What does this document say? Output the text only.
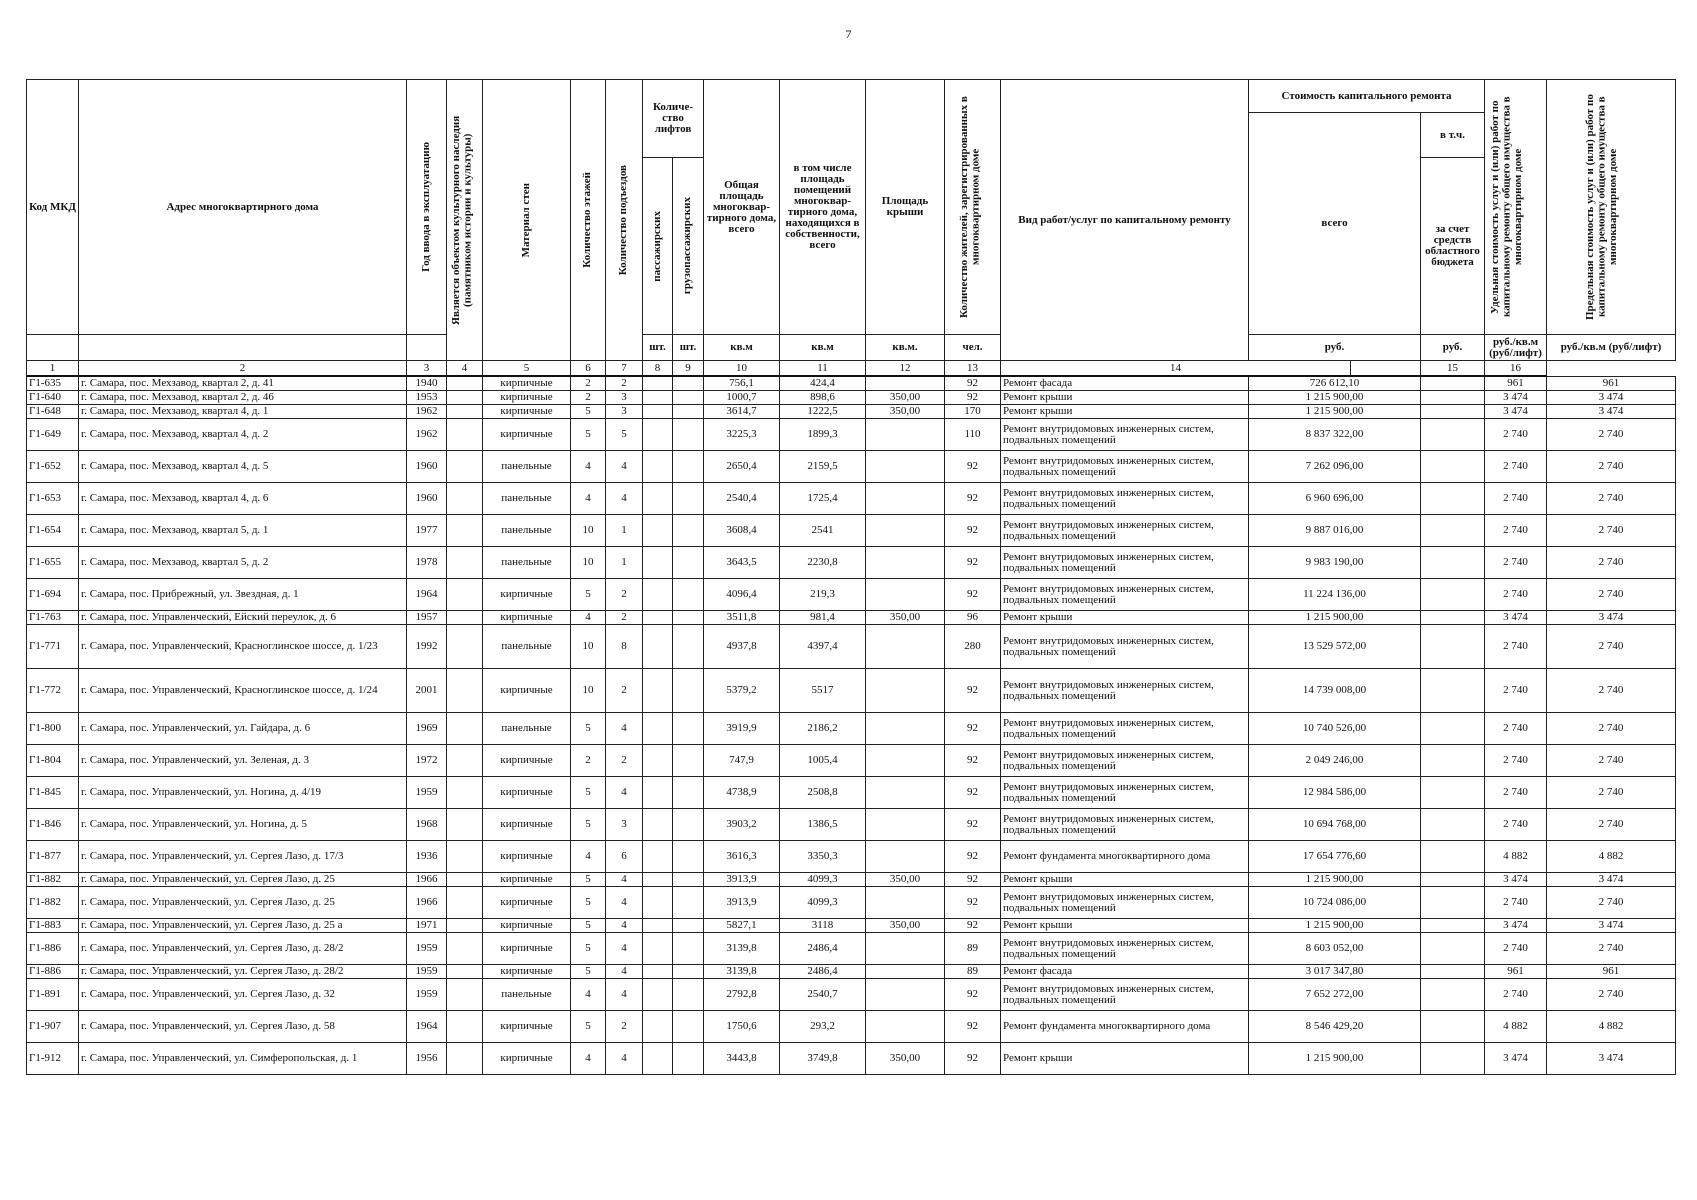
7
Код МКД	Адрес многоквартирного дома	Год ввода в эксплуатацию	Является объектом культурного наследия (памятником истории и культуры)	Материал стен	Количество этажей	Количество подъездов	Количе-ство лифтов		Общая площадь многоквар-тирного дома, всего	в том числе площадь помещений многоквар-тирного дома, находящихся в собственности, всего	Площадь крыши	Количество жителей, зарегистрированных в многоквартирном доме	Вид работ/услуг по капитальному ремонту	Стоимость капитального ремонта			Удельная стоимость услуг и (или) работ по капитальному ремонту общего имущества в многоквартирном доме	Предельная стоимость услуг и (или) работ по капитальному ремонту общего имущества в многоквартирном доме

														всего		в т.ч.		

							пассажирских	грузопассажирских								за счет средств областного бюджета		
							шт.	шт.	кв.м	кв.м	кв.м.	чел.		руб.		руб.	руб./кв.м (руб/лифт)	руб./кв.м (руб/лифт)
1	2	3	4	5	6	7	8	9	10	11	12	13	14			15	16	
Г1-635	г. Самара, пос. Мехзавод, квартал 2, д. 41	1940		кирпичные	2	2			756,1	424,4		92	Ремонт фасада	726 612,10			961	961
Г1-640	г. Самара, пос. Мехзавод, квартал 2, д. 46	1953		кирпичные	2	3			1000,7	898,6	350,00	92	Ремонт крыши	1 215 900,00			3 474	3 474
Г1-648	г. Самара, пос. Мехзавод, квартал 4, д. 1	1962		кирпичные	5	3			3614,7	1222,5	350,00	170	Ремонт крыши	1 215 900,00			3 474	3 474
Г1-649	г. Самара, пос. Мехзавод, квартал 4, д. 2	1962		кирпичные	5	5			3225,3	1899,3		110	Ремонт внутридомовых инженерных систем, подвальных помещений	8 837 322,00			2 740	2 740
Г1-652	г. Самара, пос. Мехзавод, квартал 4, д. 5	1960		панельные	4	4			2650,4	2159,5		92	Ремонт внутридомовых инженерных систем, подвальных помещений	7 262 096,00			2 740	2 740
Г1-653	г. Самара, пос. Мехзавод, квартал 4, д. 6	1960		панельные	4	4			2540,4	1725,4		92	Ремонт внутридомовых инженерных систем, подвальных помещений	6 960 696,00			2 740	2 740
Г1-654	г. Самара, пос. Мехзавод, квартал 5, д. 1	1977		панельные	10	1			3608,4	2541		92	Ремонт внутридомовых инженерных систем, подвальных помещений	9 887 016,00			2 740	2 740
Г1-655	г. Самара, пос. Мехзавод, квартал 5, д. 2	1978		панельные	10	1			3643,5	2230,8		92	Ремонт внутридомовых инженерных систем, подвальных помещений	9 983 190,00			2 740	2 740
Г1-694	г. Самара, пос. Прибрежный, ул. Звездная, д. 1	1964		кирпичные	5	2			4096,4	219,3		92	Ремонт внутридомовых инженерных систем, подвальных помещений	11 224 136,00			2 740	2 740
Г1-763	г. Самара, пос. Управленческий, Ейский переулок, д. 6	1957		кирпичные	4	2			3511,8	981,4	350,00	96	Ремонт крыши	1 215 900,00			3 474	3 474
Г1-771	г. Самара, пос. Управленческий, Красноглинское шоссе, д. 1/23	1992		панельные	10	8			4937,8	4397,4		280	Ремонт внутридомовых инженерных систем, подвальных помещений	13 529 572,00			2 740	2 740
Г1-772	г. Самара, пос. Управленческий, Красноглинское шоссе, д. 1/24	2001		кирпичные	10	2			5379,2	5517		92	Ремонт внутридомовых инженерных систем, подвальных помещений	14 739 008,00			2 740	2 740
Г1-800	г. Самара, пос. Управленческий, ул. Гайдара, д. 6	1969		панельные	5	4			3919,9	2186,2		92	Ремонт внутридомовых инженерных систем, подвальных помещений	10 740 526,00			2 740	2 740
Г1-804	г. Самара, пос. Управленческий, ул. Зеленая, д. 3	1972		кирпичные	2	2			747,9	1005,4		92	Ремонт внутридомовых инженерных систем, подвальных помещений	2 049 246,00			2 740	2 740
Г1-845	г. Самара, пос. Управленческий, ул. Ногина, д. 4/19	1959		кирпичные	5	4			4738,9	2508,8		92	Ремонт внутридомовых инженерных систем, подвальных помещений	12 984 586,00			2 740	2 740
Г1-846	г. Самара, пос. Управленческий, ул. Ногина, д. 5	1968		кирпичные	5	3			3903,2	1386,5		92	Ремонт внутридомовых инженерных систем, подвальных помещений	10 694 768,00			2 740	2 740
Г1-877	г. Самара, пос. Управленческий, ул. Сергея Лазо, д. 17/3	1936		кирпичные	4	6			3616,3	3350,3		92	Ремонт фундамента многоквартирного дома	17 654 776,60			4 882	4 882
Г1-882	г. Самара, пос. Управленческий, ул. Сергея Лазо, д. 25	1966		кирпичные	5	4			3913,9	4099,3	350,00	92	Ремонт крыши	1 215 900,00			3 474	3 474
Г1-882	г. Самара, пос. Управленческий, ул. Сергея Лазо, д. 25	1966		кирпичные	5	4			3913,9	4099,3		92	Ремонт внутридомовых инженерных систем, подвальных помещений	10 724 086,00			2 740	2 740
Г1-883	г. Самара, пос. Управленческий, ул. Сергея Лазо, д. 25 а	1971		кирпичные	5	4			5827,1	3118	350,00	92	Ремонт крыши	1 215 900,00			3 474	3 474
Г1-886	г. Самара, пос. Управленческий, ул. Сергея Лазо, д. 28/2	1959		кирпичные	5	4			3139,8	2486,4		89	Ремонт внутридомовых инженерных систем, подвальных помещений	8 603 052,00			2 740	2 740
Г1-886	г. Самара, пос. Управленческий, ул. Сергея Лазо, д. 28/2	1959		кирпичные	5	4			3139,8	2486,4		89	Ремонт фасада	3 017 347,80			961	961
Г1-891	г. Самара, пос. Управленческий, ул. Сергея Лазо, д. 32	1959		панельные	4	4			2792,8	2540,7		92	Ремонт внутридомовых инженерных систем, подвальных помещений	7 652 272,00			2 740	2 740
Г1-907	г. Самара, пос. Управленческий, ул. Сергея Лазо, д. 58	1964		кирпичные	5	2			1750,6	293,2		92	Ремонт фундамента многоквартирного дома	8 546 429,20			4 882	4 882
Г1-912	г. Самара, пос. Управленческий, ул. Симферопольская, д. 1	1956		кирпичные	4	4			3443,8	3749,8	350,00	92	Ремонт крыши	1 215 900,00			3 474	3 474
